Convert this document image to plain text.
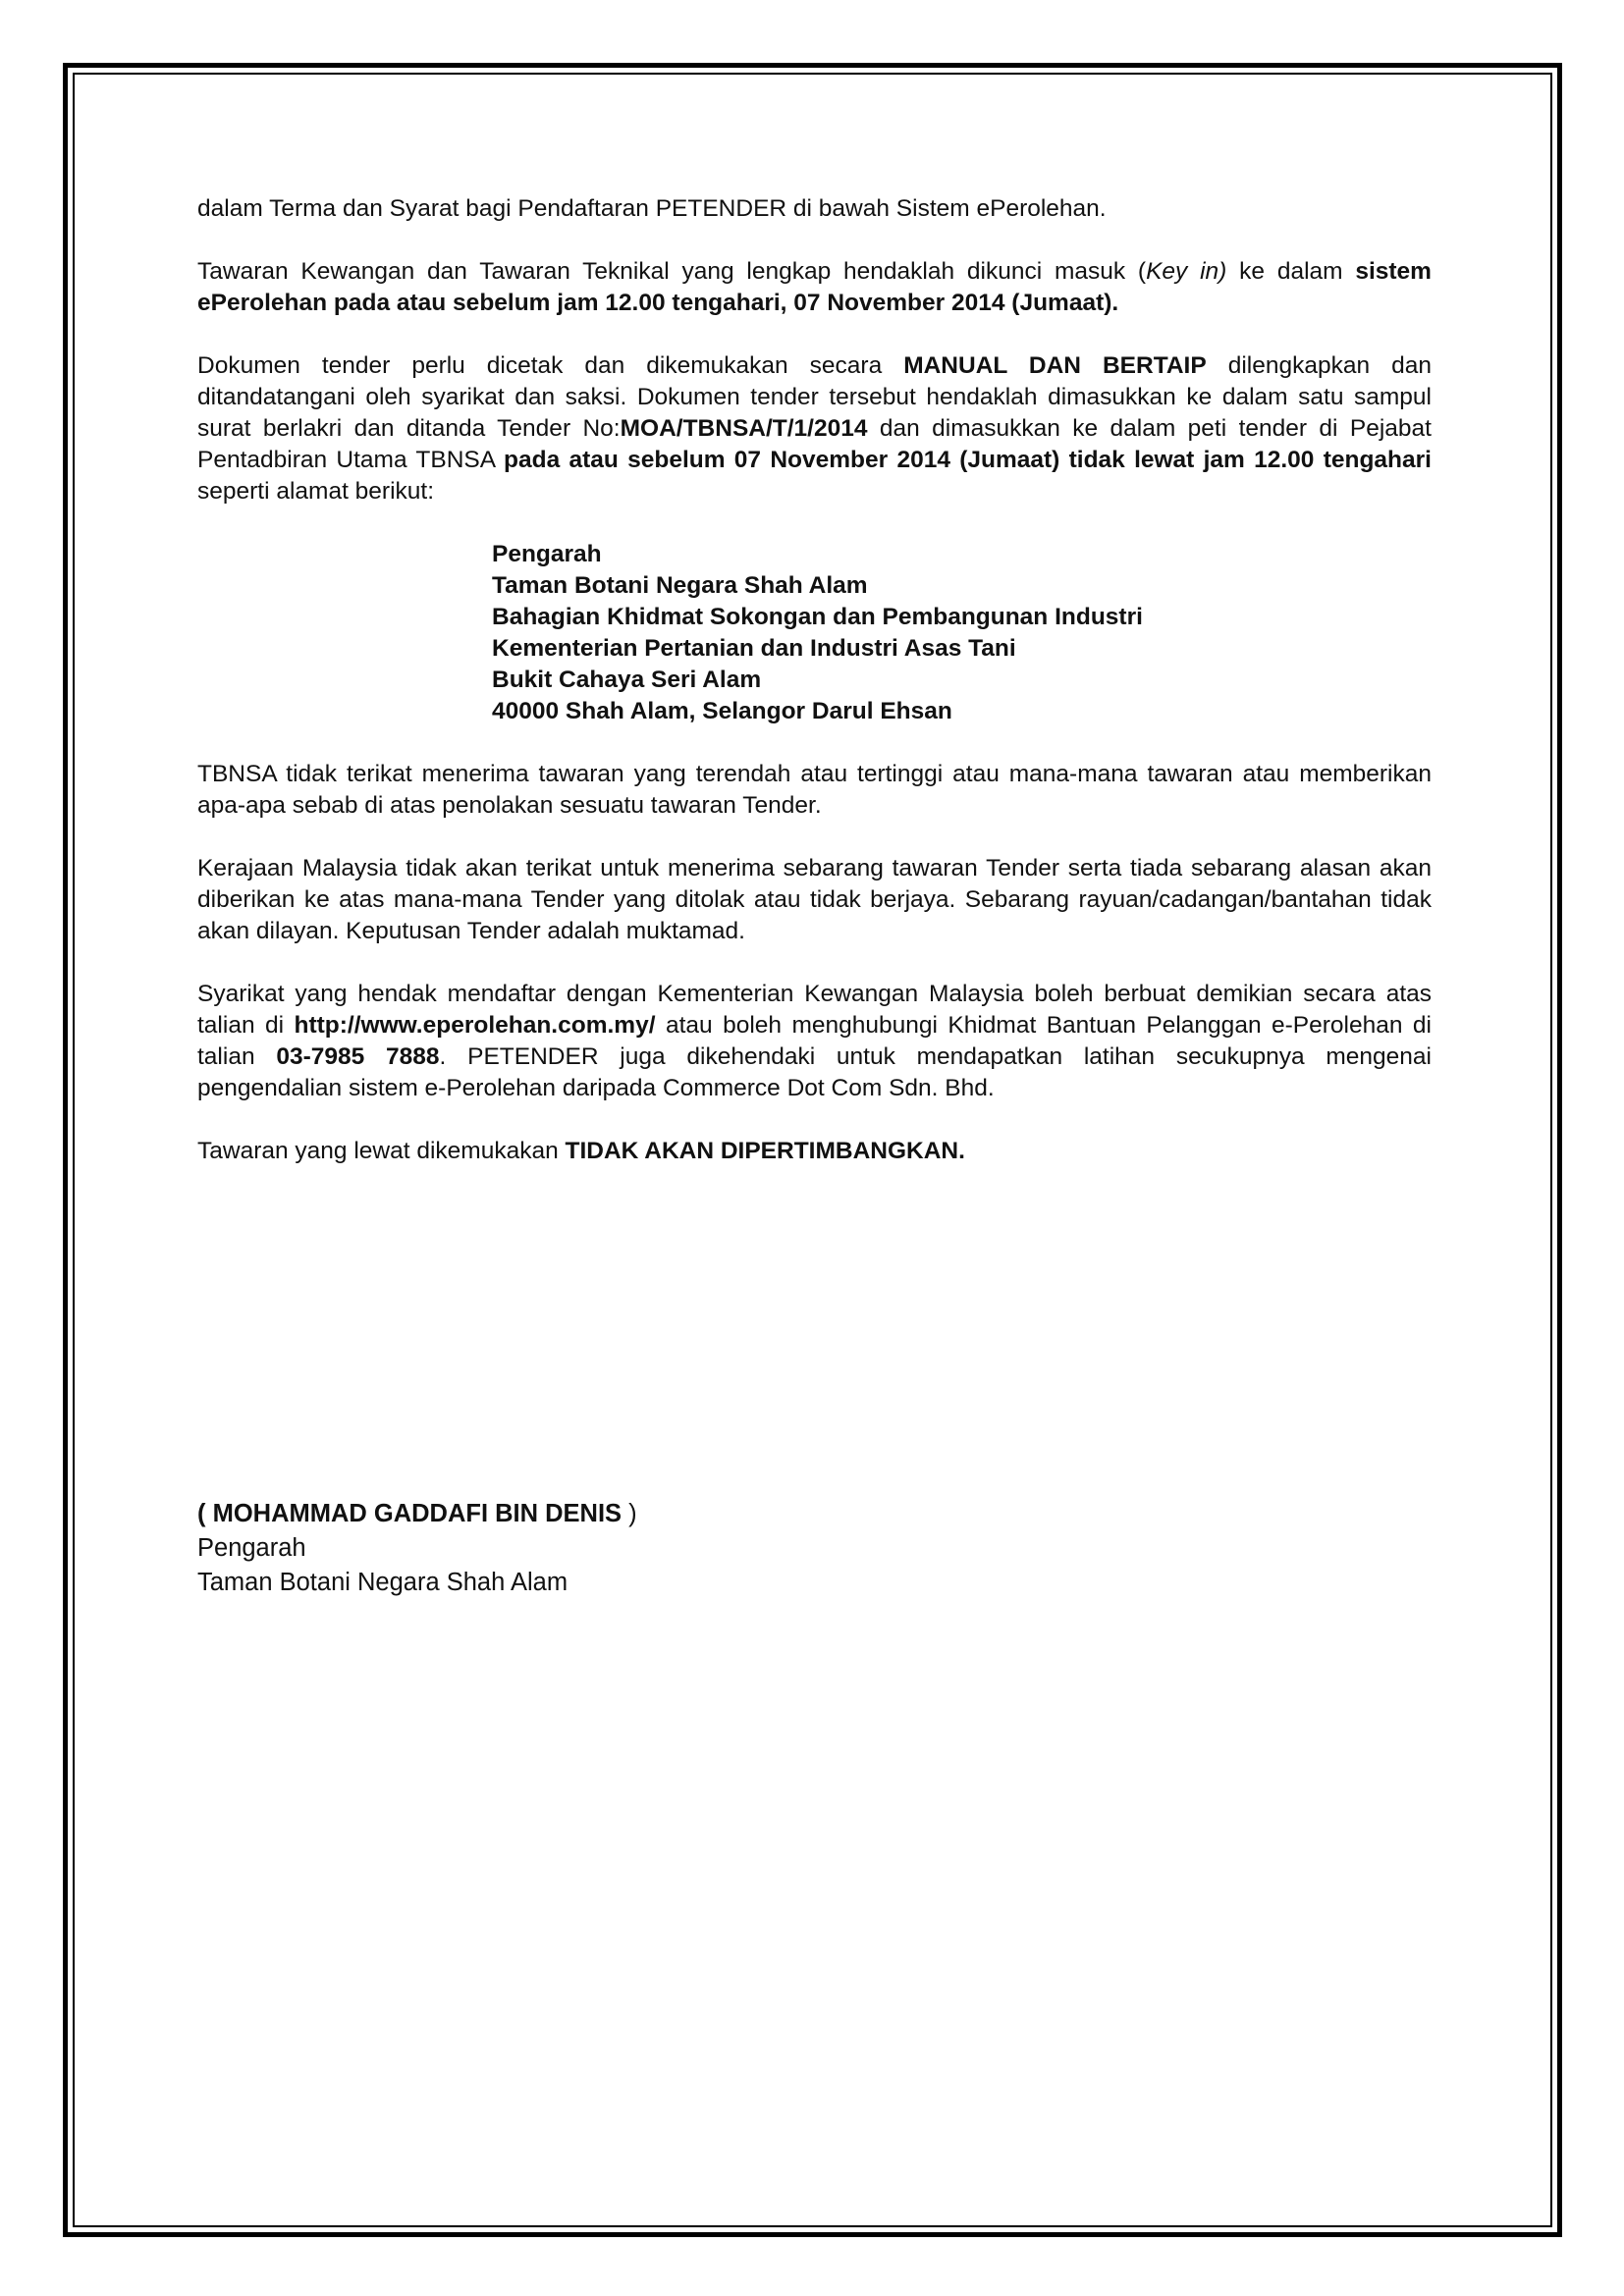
dalam Terma dan Syarat bagi Pendaftaran PETENDER di bawah Sistem ePerolehan.

Tawaran Kewangan dan Tawaran Teknikal yang lengkap hendaklah dikunci masuk (Key in) ke dalam sistem ePerolehan pada atau sebelum jam 12.00 tengahari, 07 November 2014 (Jumaat).

Dokumen tender perlu dicetak dan dikemukakan secara MANUAL DAN BERTAIP dilengkapkan dan ditandatangani oleh syarikat dan saksi. Dokumen tender tersebut hendaklah dimasukkan ke dalam satu sampul surat berlakri dan ditanda Tender No:MOA/TBNSA/T/1/2014 dan dimasukkan ke dalam peti tender di Pejabat Pentadbiran Utama TBNSA pada atau sebelum 07 November 2014 (Jumaat) tidak lewat jam 12.00 tengahari seperti alamat berikut:

Pengarah
Taman Botani Negara Shah Alam
Bahagian Khidmat Sokongan dan Pembangunan Industri
Kementerian Pertanian dan Industri Asas Tani
Bukit Cahaya Seri Alam
40000 Shah Alam, Selangor Darul Ehsan

TBNSA tidak terikat menerima tawaran yang terendah atau tertinggi atau mana-mana tawaran atau memberikan apa-apa sebab di atas penolakan sesuatu tawaran Tender.

Kerajaan Malaysia tidak akan terikat untuk menerima sebarang tawaran Tender serta tiada sebarang alasan akan diberikan ke atas mana-mana Tender yang ditolak atau tidak berjaya. Sebarang rayuan/cadangan/bantahan tidak akan dilayan. Keputusan Tender adalah muktamad.

Syarikat yang hendak mendaftar dengan Kementerian Kewangan Malaysia boleh berbuat demikian secara atas talian di http://www.eperolehan.com.my/ atau boleh menghubungi Khidmat Bantuan Pelanggan e-Perolehan di talian 03-7985 7888. PETENDER juga dikehendaki untuk mendapatkan latihan secukupnya mengenai pengendalian sistem e-Perolehan daripada Commerce Dot Com Sdn. Bhd.

Tawaran yang lewat dikemukakan TIDAK AKAN DIPERTIMBANGKAN.

( MOHAMMAD GADDAFI BIN DENIS )
Pengarah
Taman Botani Negara Shah Alam
